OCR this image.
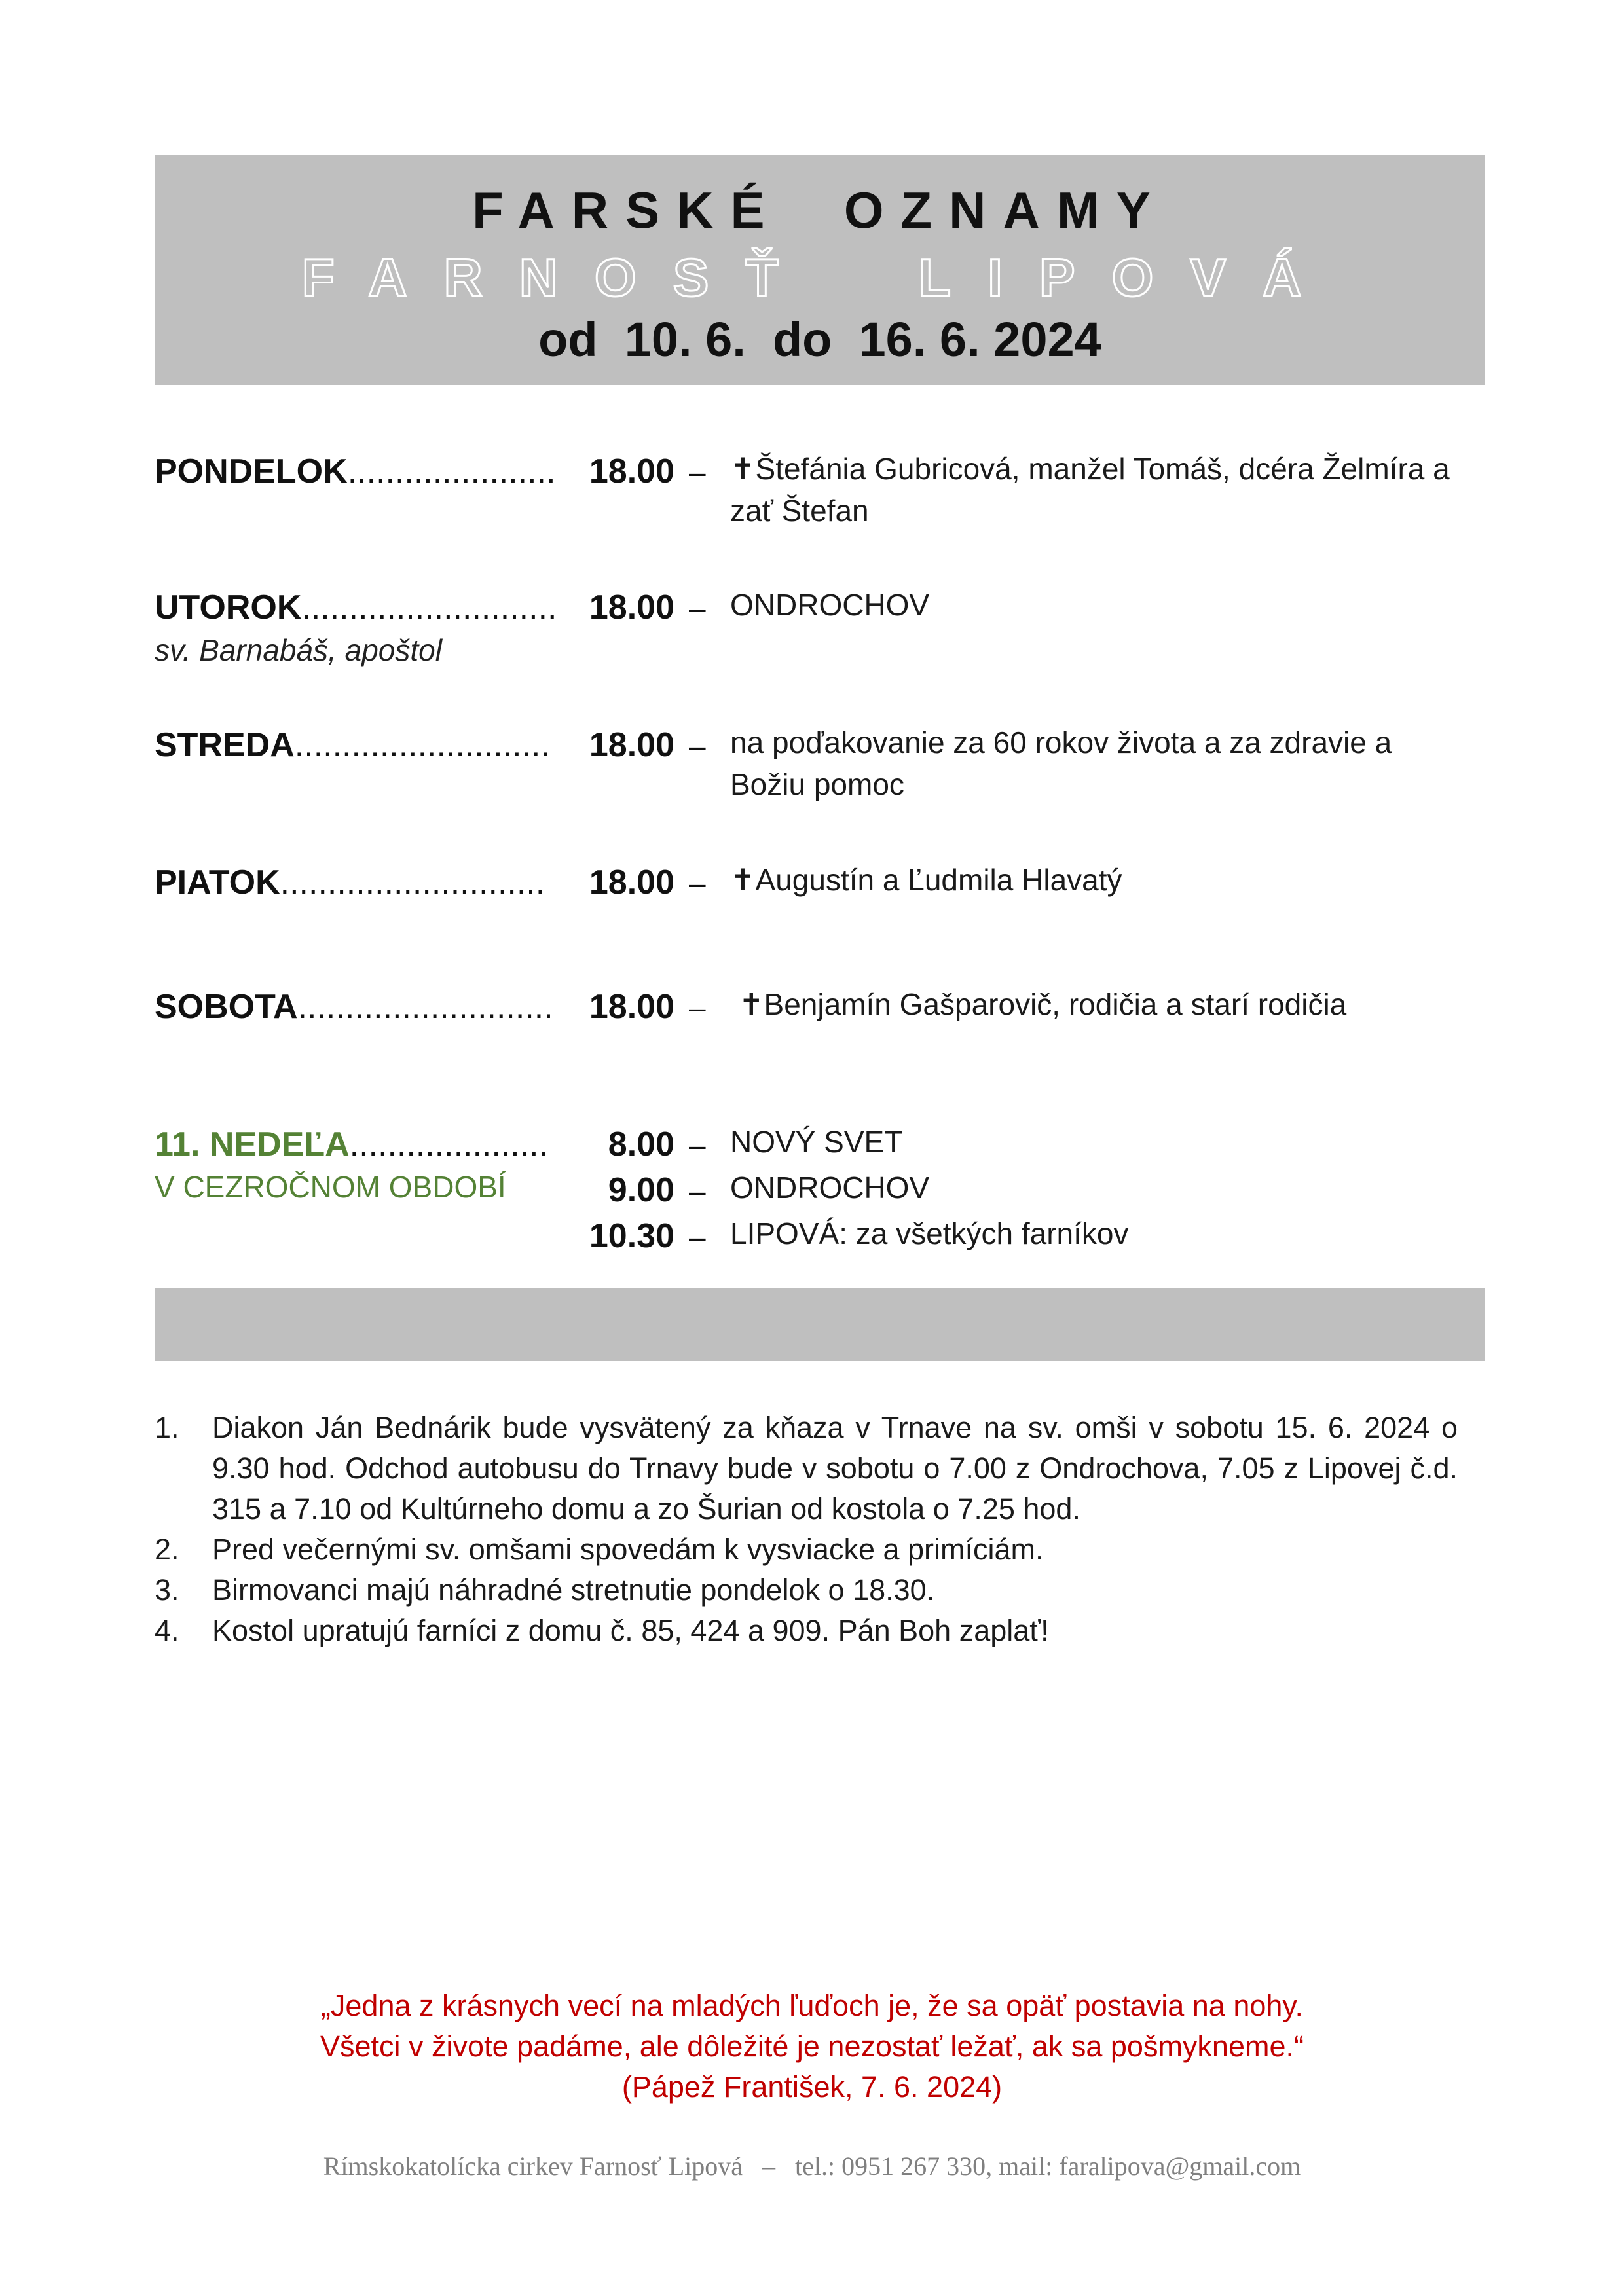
FARSKÉ  OZNAMY
FARNOSŤ  LIPOVÁ
od  10. 6.  do  16. 6. 2024
PONDELOK...................... 18.00 – ✝Štefánia Gubricová, manžel Tomáš, dcéra Želmíra a zať Štefan
UTOROK...........................
sv. Barnabáš, apoštol
18.00 – ONDROCHOV
STREDA........................... 18.00 – na poďakovanie za 60 rokov života a za zdravie a Božiu pomoc
PIATOK............................ 18.00 – ✝Augustín a Ľudmila Hlavatý
SOBOTA........................... 18.00 – ✝Benjamín Gašparovič, rodičia a starí rodičia
11. NEDEĽA.....................
V CEZROČNOM OBDOBÍ
8.00 – NOVÝ SVET
9.00 – ONDROCHOV
10.30 – LIPOVÁ: za všetkých farníkov
1. Diakon Ján Bednárik bude vysvätený za kňaza v Trnave na sv. omši v sobotu 15. 6. 2024 o 9.30 hod. Odchod autobusu do Trnavy bude v sobotu o 7.00 z Ondrochova, 7.05 z Lipovej č.d. 315 a 7.10 od Kultúrneho domu a zo Šurian od kostola o 7.25 hod.
2. Pred večernými sv. omšami spovedám k vysviacke a primíciám.
3. Birmovanci majú náhradné stretnutie pondelok o 18.30.
4. Kostol upratujú farníci z domu č. 85, 424 a 909. Pán Boh zaplať!
„Jedna z krásnych vecí na mladých ľuďoch je, že sa opäť postavia na nohy.
Všetci v živote padáme, ale dôležité je nezostať ležať, ak sa pošmykneme.“
(Pápež František, 7. 6. 2024)
Rímskokatolícka cirkev Farnosť Lipová   –   tel.: 0951 267 330, mail: faralipova@gmail.com
